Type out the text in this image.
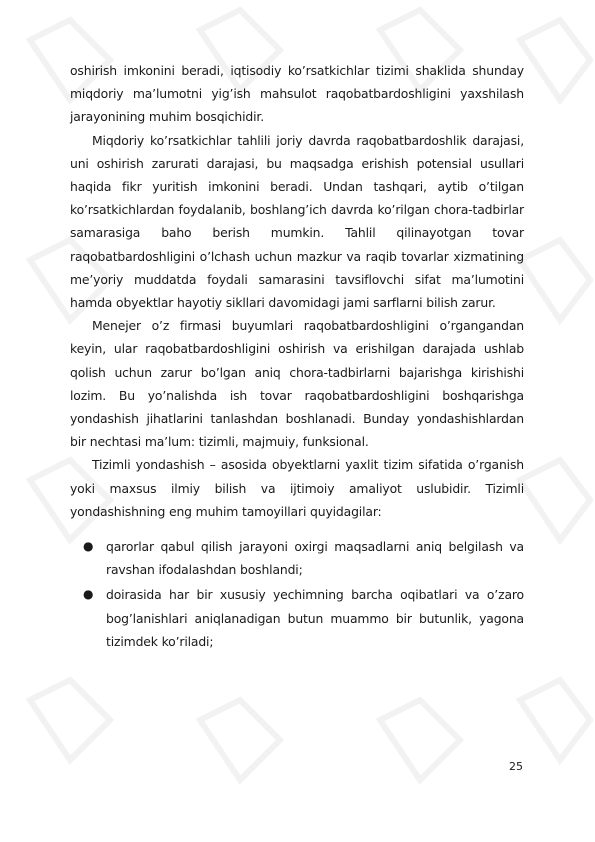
oshirish imkonini beradi, iqtisodiy ko’rsatkichlar tizimi shaklida shunday miqdoriy ma’lumotni yig’ish mahsulot raqobatbardoshligini yaxshilash jarayonining muhim bosqichidir.

Miqdoriy ko’rsatkichlar tahlili joriy davrda raqobatbardoshlik darajasi, uni oshirish zarurati darajasi, bu maqsadga erishish potensial usullari haqida fikr yuritish imkonini beradi. Undan tashqari, aytib o’tilgan ko’rsatkichlardan foydalanib, boshlang’ich davrda ko’rilgan chora-tadbirlar samarasiga baho berish mumkin. Tahlil qilinayotgan tovar raqobatbardoshligini o’lchash uchun mazkur va raqib tovarlar xizmatining me’yoriy muddatda foydali samarasini tavsiflovchi sifat ma’lumotini hamda obyektlar hayotiy sikllari davomidagi jami sarflarni bilish zarur.

Menejer o’z firmasi buyumlari raqobatbardoshligini o’rgangandan keyin, ular raqobatbardoshligini oshirish va erishilgan darajada ushlab qolish uchun zarur bo’lgan aniq chora-tadbirlarni bajarishga kirishishi lozim. Bu yo’nalishda ish tovar raqobatbardoshligini boshqarishga yondashish jihatlarini tanlashdan boshlanadi. Bunday yondashishlardan bir nechtasi ma’lum: tizimli, majmuiy, funksional.

Tizimli yondashish – asosida obyektlarni yaxlit tizim sifatida o’rganish yoki maxsus ilmiy bilish va ijtimoiy amaliyot uslubidir. Tizimli yondashishning eng muhim tamoyillari quyidagilar:

● qarorlar qabul qilish jarayoni oxirgi maqsadlarni aniq belgilash va ravshan ifodalashdan boshlandi;

● doirasida har bir xususiy yechimning barcha oqibatlari va o’zaro bog’lanishlari aniqlanadigan butun muammo bir butunlik, yagona tizimdek ko’riladi;

25
